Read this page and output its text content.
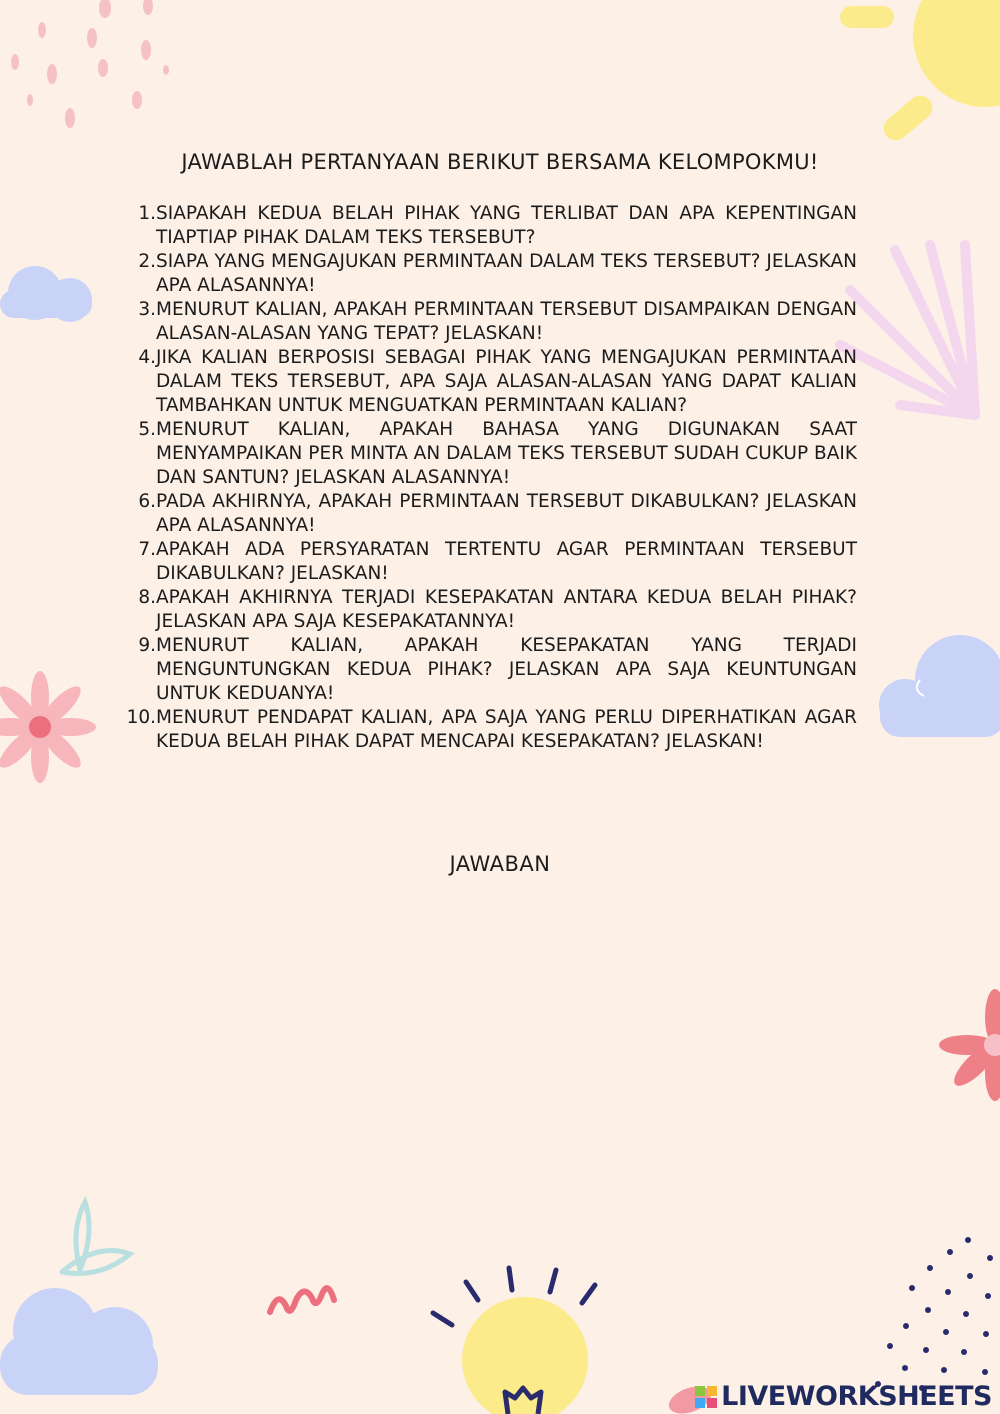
JAWABLAH PERTANYAAN BERIKUT BERSAMA KELOMPOKMU!
1. SIAPAKAH KEDUA BELAH PIHAK YANG TERLIBAT DAN APA KEPENTINGAN TIAPTIAP PIHAK DALAM TEKS TERSEBUT?
2. SIAPA YANG MENGAJUKAN PERMINTAAN DALAM TEKS TERSEBUT? JELASKAN APA ALASANNYA!
3. MENURUT KALIAN, APAKAH PERMINTAAN TERSEBUT DISAMPAIKAN DENGAN ALASAN-ALASAN YANG TEPAT? JELASKAN!
4. JIKA KALIAN BERPOSISI SEBAGAI PIHAK YANG MENGAJUKAN PERMINTAAN DALAM TEKS TERSEBUT, APA SAJA ALASAN-ALASAN YANG DAPAT KALIAN TAMBAHKAN UNTUK MENGUATKAN PERMINTAAN KALIAN?
5. MENURUT KALIAN, APAKAH BAHASA YANG DIGUNAKAN SAAT MENYAMPAIKAN PER MINTA AN DALAM TEKS TERSEBUT SUDAH CUKUP BAIK DAN SANTUN? JELASKAN ALASANNYA!
6. PADA AKHIRNYA, APAKAH PERMINTAAN TERSEBUT DIKABULKAN? JELASKAN APA ALASANNYA!
7. APAKAH ADA PERSYARATAN TERTENTU AGAR PERMINTAAN TERSEBUT DIKABULKAN? JELASKAN!
8. APAKAH AKHIRNYA TERJADI KESEPAKATAN ANTARA KEDUA BELAH PIHAK? JELASKAN APA SAJA KESEPAKATANNYA!
9. MENURUT KALIAN, APAKAH KESEPAKATAN YANG TERJADI MENGUNTUNGKAN KEDUA PIHAK? JELASKAN APA SAJA KEUNTUNGAN UNTUK KEDUANYA!
10. MENURUT PENDAPAT KALIAN, APA SAJA YANG PERLU DIPERHATIKAN AGAR KEDUA BELAH PIHAK DAPAT MENCAPAI KESEPAKATAN? JELASKAN!
JAWABAN
LIVEWORKSHEETS
